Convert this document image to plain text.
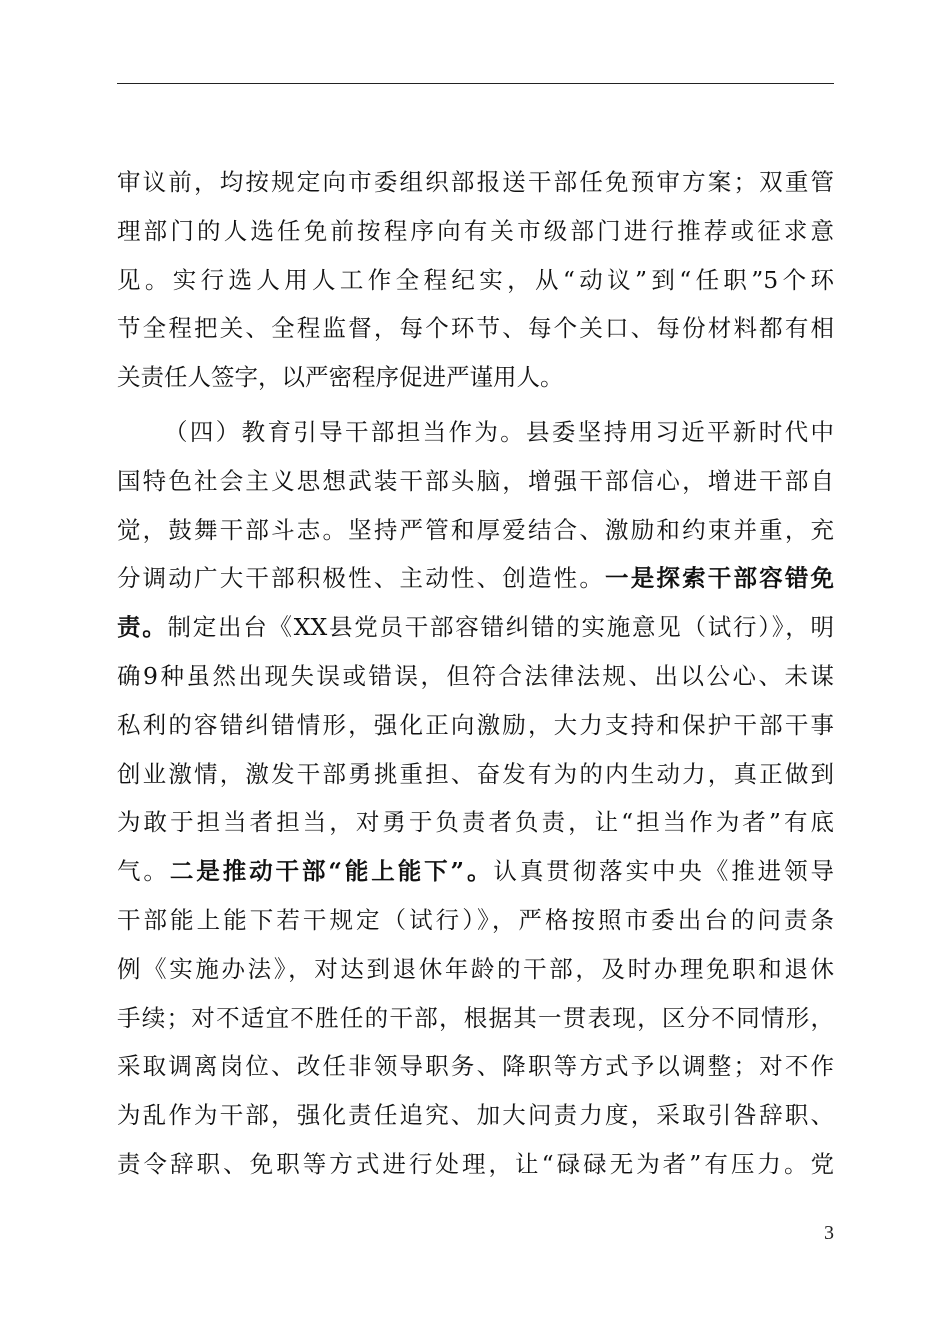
审议前，均按规定向市委组织部报送干部任免预审方案；双重管
理部门的人选任免前按程序向有关市级部门进行推荐或征求意
见。实行选人用人工作全程纪实，从“动议”到“任职”5个环
节全程把关、全程监督，每个环节、每个关口、每份材料都有相
关责任人签字，以严密程序促进严谨用人。
（四）教育引导干部担当作为。县委坚持用习近平新时代中
国特色社会主义思想武装干部头脑，增强干部信心，增进干部自
觉，鼓舞干部斗志。坚持严管和厚爱结合、激励和约束并重，充
分调动广大干部积极性、主动性、创造性。一是探索干部容错免
责。制定出台《XX县党员干部容错纠错的实施意见（试行）》，明
确9种虽然出现失误或错误，但符合法律法规、出以公心、未谋
私利的容错纠错情形，强化正向激励，大力支持和保护干部干事
创业激情，激发干部勇挑重担、奋发有为的内生动力，真正做到
为敢于担当者担当，对勇于负责者负责，让“担当作为者”有底
气。二是推动干部“能上能下”。认真贯彻落实中央《推进领导
干部能上能下若干规定（试行）》，严格按照市委出台的问责条
例《实施办法》，对达到退休年龄的干部，及时办理免职和退休
手续；对不适宜不胜任的干部，根据其一贯表现，区分不同情形，
采取调离岗位、改任非领导职务、降职等方式予以调整；对不作
为乱作为干部，强化责任追究、加大问责力度，采取引咎辞职、
责令辞职、免职等方式进行处理，让“碌碌无为者”有压力。党
3
